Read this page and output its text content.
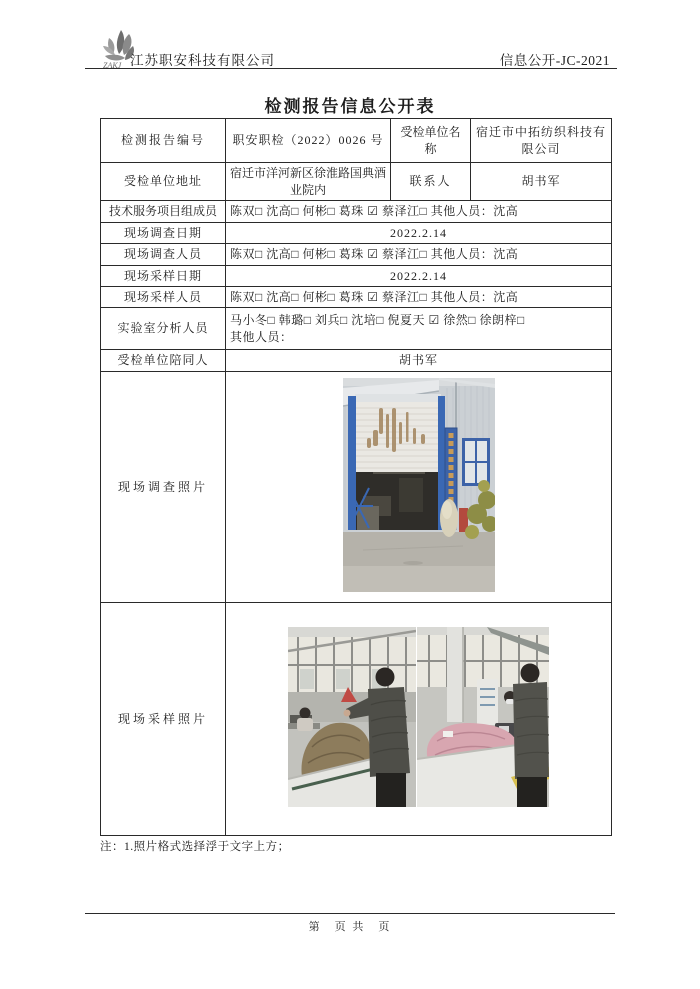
ZAKJ 江苏职安科技有限公司	信息公开-JC-2021
检测报告信息公开表
检测报告编号	职安职检（2022）0026 号	受检单位名称	宿迁市中拓纺织科技有限公司
受检单位地址	宿迁市洋河新区徐淮路国典酒业院内	联系人	胡书军
技术服务项目组成员	陈双□ 沈高□ 何彬□ 葛珠 ☑ 蔡泽江□ 其他人员：沈高		
现场调查日期	2022.2.14		
现场调查人员	陈双□ 沈高□ 何彬□ 葛珠 ☑ 蔡泽江□ 其他人员：沈高		
现场采样日期	2022.2.14		
现场采样人员	陈双□ 沈高□ 何彬□ 葛珠 ☑ 蔡泽江□ 其他人员：沈高		
实验室分析人员	马小冬□ 韩璐□ 刘兵□ 沈培□ 倪夏天 ☑ 徐然□ 徐朗梓□
其他人员：		

受检单位陪同人	胡书军		
现场调查照片	
现场采样照片	
注：1.照片格式选择浮于文字上方；
第　页 共　页
